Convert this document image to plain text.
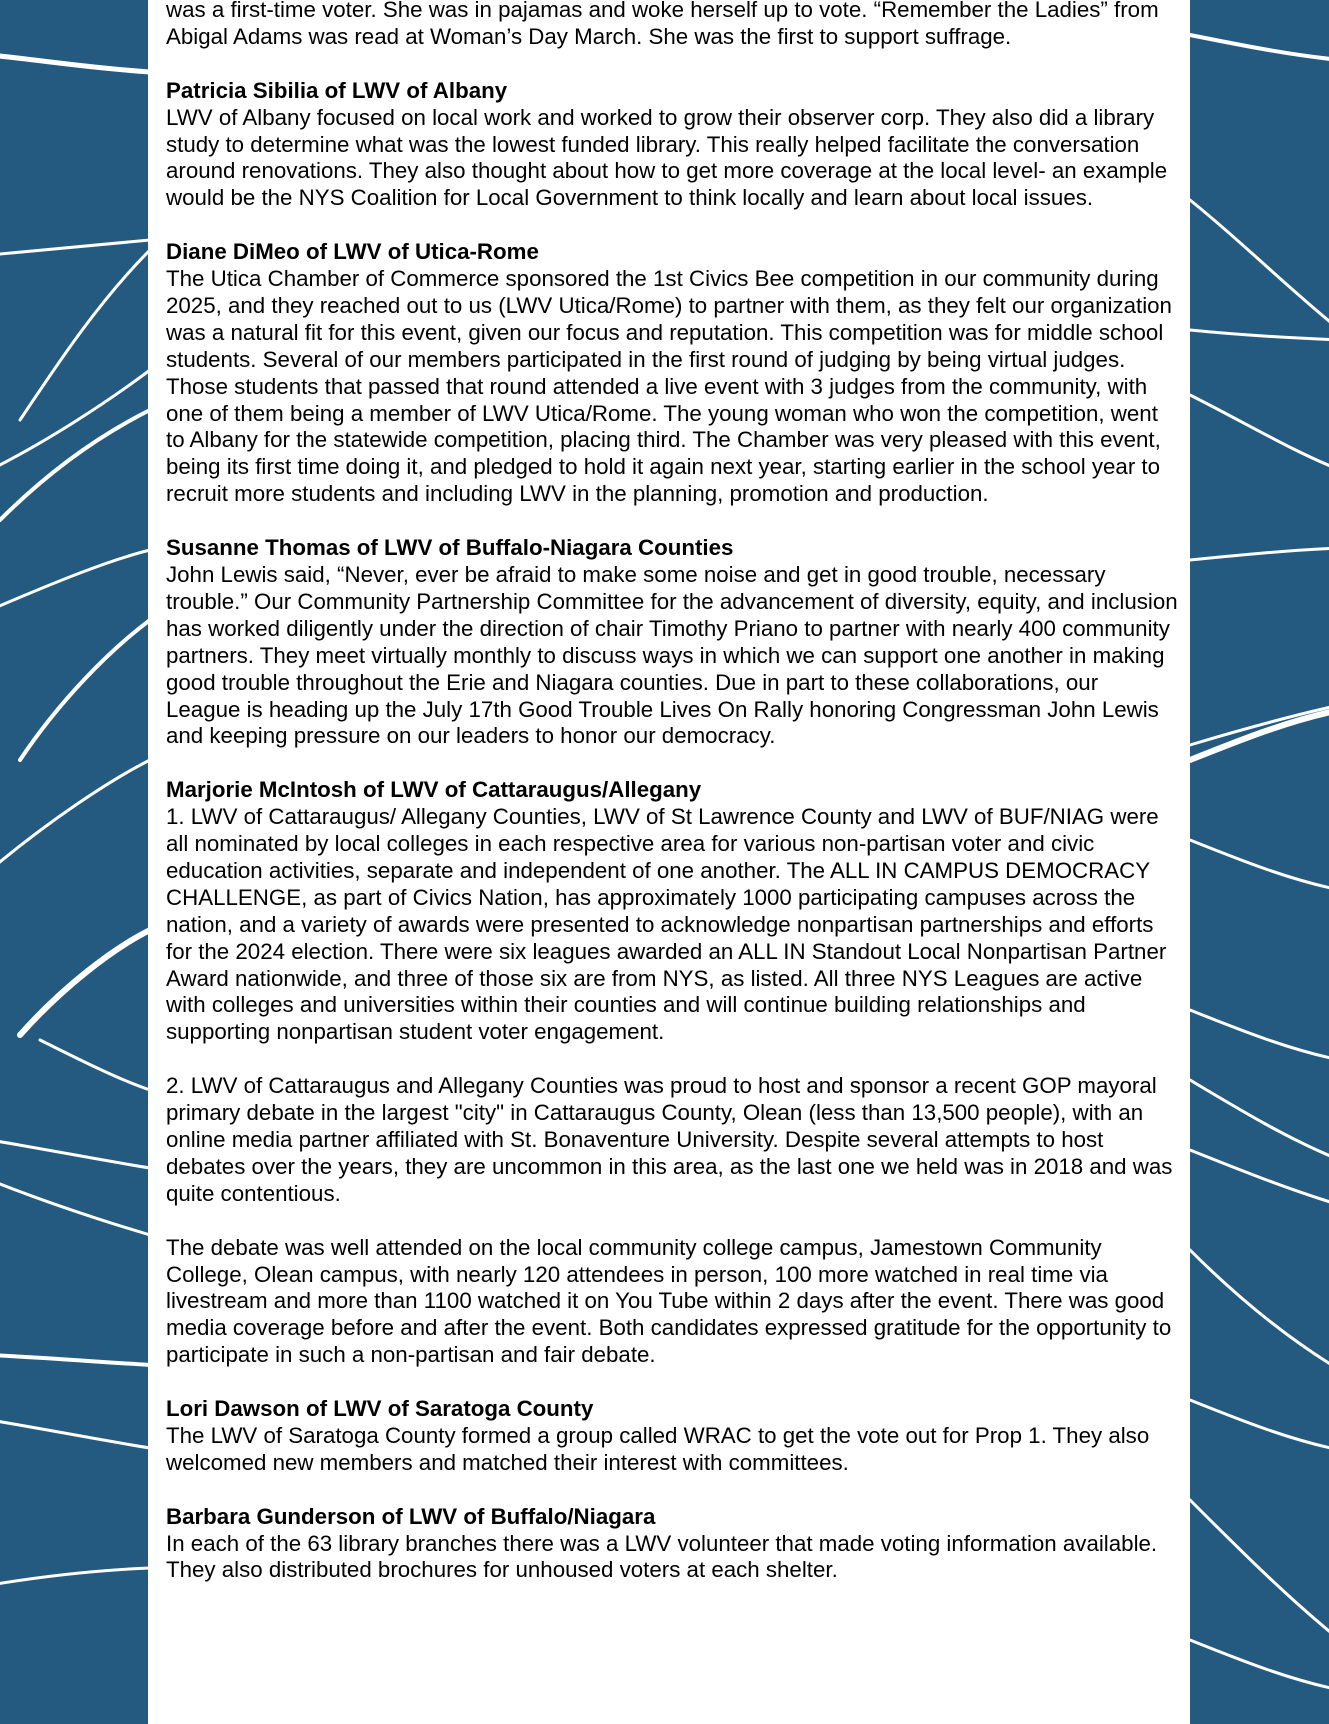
was a first-time voter. She was in pajamas and woke herself up to vote. “Remember the Ladies” from Abigal Adams was read at Woman’s Day March. She was the first to support suffrage.

Patricia Sibilia of LWV of Albany

LWV of Albany focused on local work and worked to grow their observer corp. They also did a library study to determine what was the lowest funded library. This really helped facilitate the conversation around renovations. They also thought about how to get more coverage at the local level- an example would be the NYS Coalition for Local Government to think locally and learn about local issues.

Diane DiMeo of LWV of Utica-Rome

The Utica Chamber of Commerce sponsored the 1st Civics Bee competition in our community during 2025, and they reached out to us (LWV Utica/Rome) to partner with them, as they felt our organization was a natural fit for this event, given our focus and reputation. This competition was for middle school students. Several of our members participated in the first round of judging by being virtual judges. Those students that passed that round attended a live event with 3 judges from the community, with one of them being a member of LWV Utica/Rome. The young woman who won the competition, went to Albany for the statewide competition, placing third. The Chamber was very pleased with this event, being its first time doing it, and pledged to hold it again next year, starting earlier in the school year to recruit more students and including LWV in the planning, promotion and production.

Susanne Thomas of LWV of Buffalo-Niagara Counties

John Lewis said, “Never, ever be afraid to make some noise and get in good trouble, necessary trouble.” Our Community Partnership Committee for the advancement of diversity, equity, and inclusion has worked diligently under the direction of chair Timothy Priano to partner with nearly 400 community partners. They meet virtually monthly to discuss ways in which we can support one another in making good trouble throughout the Erie and Niagara counties. Due in part to these collaborations, our League is heading up the July 17th Good Trouble Lives On Rally honoring Congressman John Lewis and keeping pressure on our leaders to honor our democracy.

Marjorie McIntosh of LWV of Cattaraugus/Allegany

1. LWV of Cattaraugus/ Allegany Counties, LWV of St Lawrence County and LWV of BUF/NIAG were all nominated by local colleges in each respective area for various non-partisan voter and civic education activities, separate and independent of one another. The ALL IN CAMPUS DEMOCRACY CHALLENGE, as part of Civics Nation, has approximately 1000 participating campuses across the nation, and a variety of awards were presented to acknowledge nonpartisan partnerships and efforts for the 2024 election. There were six leagues awarded an ALL IN Standout Local Nonpartisan Partner Award nationwide, and three of those six are from NYS, as listed. All three NYS Leagues are active with colleges and universities within their counties and will continue building relationships and supporting nonpartisan student voter engagement.

2. LWV of Cattaraugus and Allegany Counties was proud to host and sponsor a recent GOP mayoral primary debate in the largest "city" in Cattaraugus County, Olean (less than 13,500 people), with an online media partner affiliated with St. Bonaventure University. Despite several attempts to host debates over the years, they are uncommon in this area, as the last one we held was in 2018 and was quite contentious.

The debate was well attended on the local community college campus, Jamestown Community College, Olean campus, with nearly 120 attendees in person, 100 more watched in real time via livestream and more than 1100 watched it on You Tube within 2 days after the event. There was good media coverage before and after the event. Both candidates expressed gratitude for the opportunity to participate in such a non-partisan and fair debate.

Lori Dawson of LWV of Saratoga County

The LWV of Saratoga County formed a group called WRAC to get the vote out for Prop 1. They also welcomed new members and matched their interest with committees.

Barbara Gunderson of LWV of Buffalo/Niagara

In each of the 63 library branches there was a LWV volunteer that made voting information available. They also distributed brochures for unhoused voters at each shelter.
